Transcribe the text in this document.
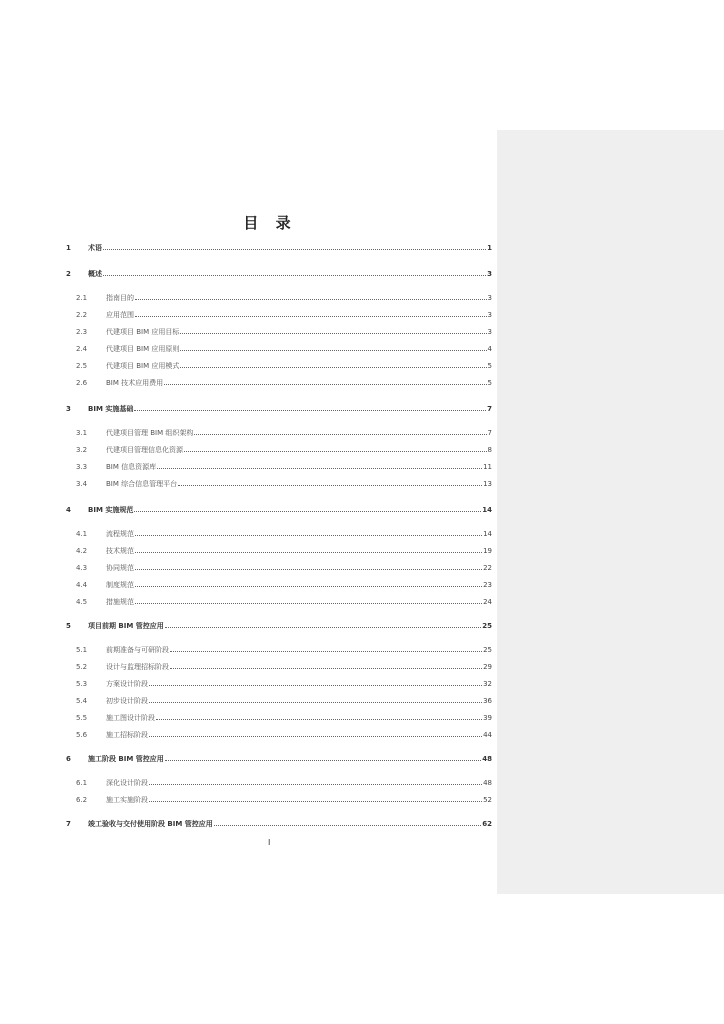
目 录
1	术语	1
2	概述	3
2.1	指南目的	3
2.2	应用范围	3
2.3	代建项目 BIM 应用目标	3
2.4	代建项目 BIM 应用原则	4
2.5	代建项目 BIM 应用模式	5
2.6	BIM 技术应用费用	5
3	BIM 实施基础	7
3.1	代建项目管理 BIM 组织架构	7
3.2	代建项目管理信息化资源	8
3.3	BIM 信息资源库	11
3.4	BIM 综合信息管理平台	13
4	BIM 实施规范	14
4.1	流程规范	14
4.2	技术规范	19
4.3	协同规范	22
4.4	制度规范	23
4.5	措施规范	24
5	项目前期 BIM 管控应用	25
5.1	前期准备与可研阶段	25
5.2	设计与监理招标阶段	29
5.3	方案设计阶段	32
5.4	初步设计阶段	36
5.5	施工图设计阶段	39
5.6	施工招标阶段	44
6	施工阶段 BIM 管控应用	48
6.1	深化设计阶段	48
6.2	施工实施阶段	52
7	竣工验收与交付使用阶段 BIM 管控应用	62
I
